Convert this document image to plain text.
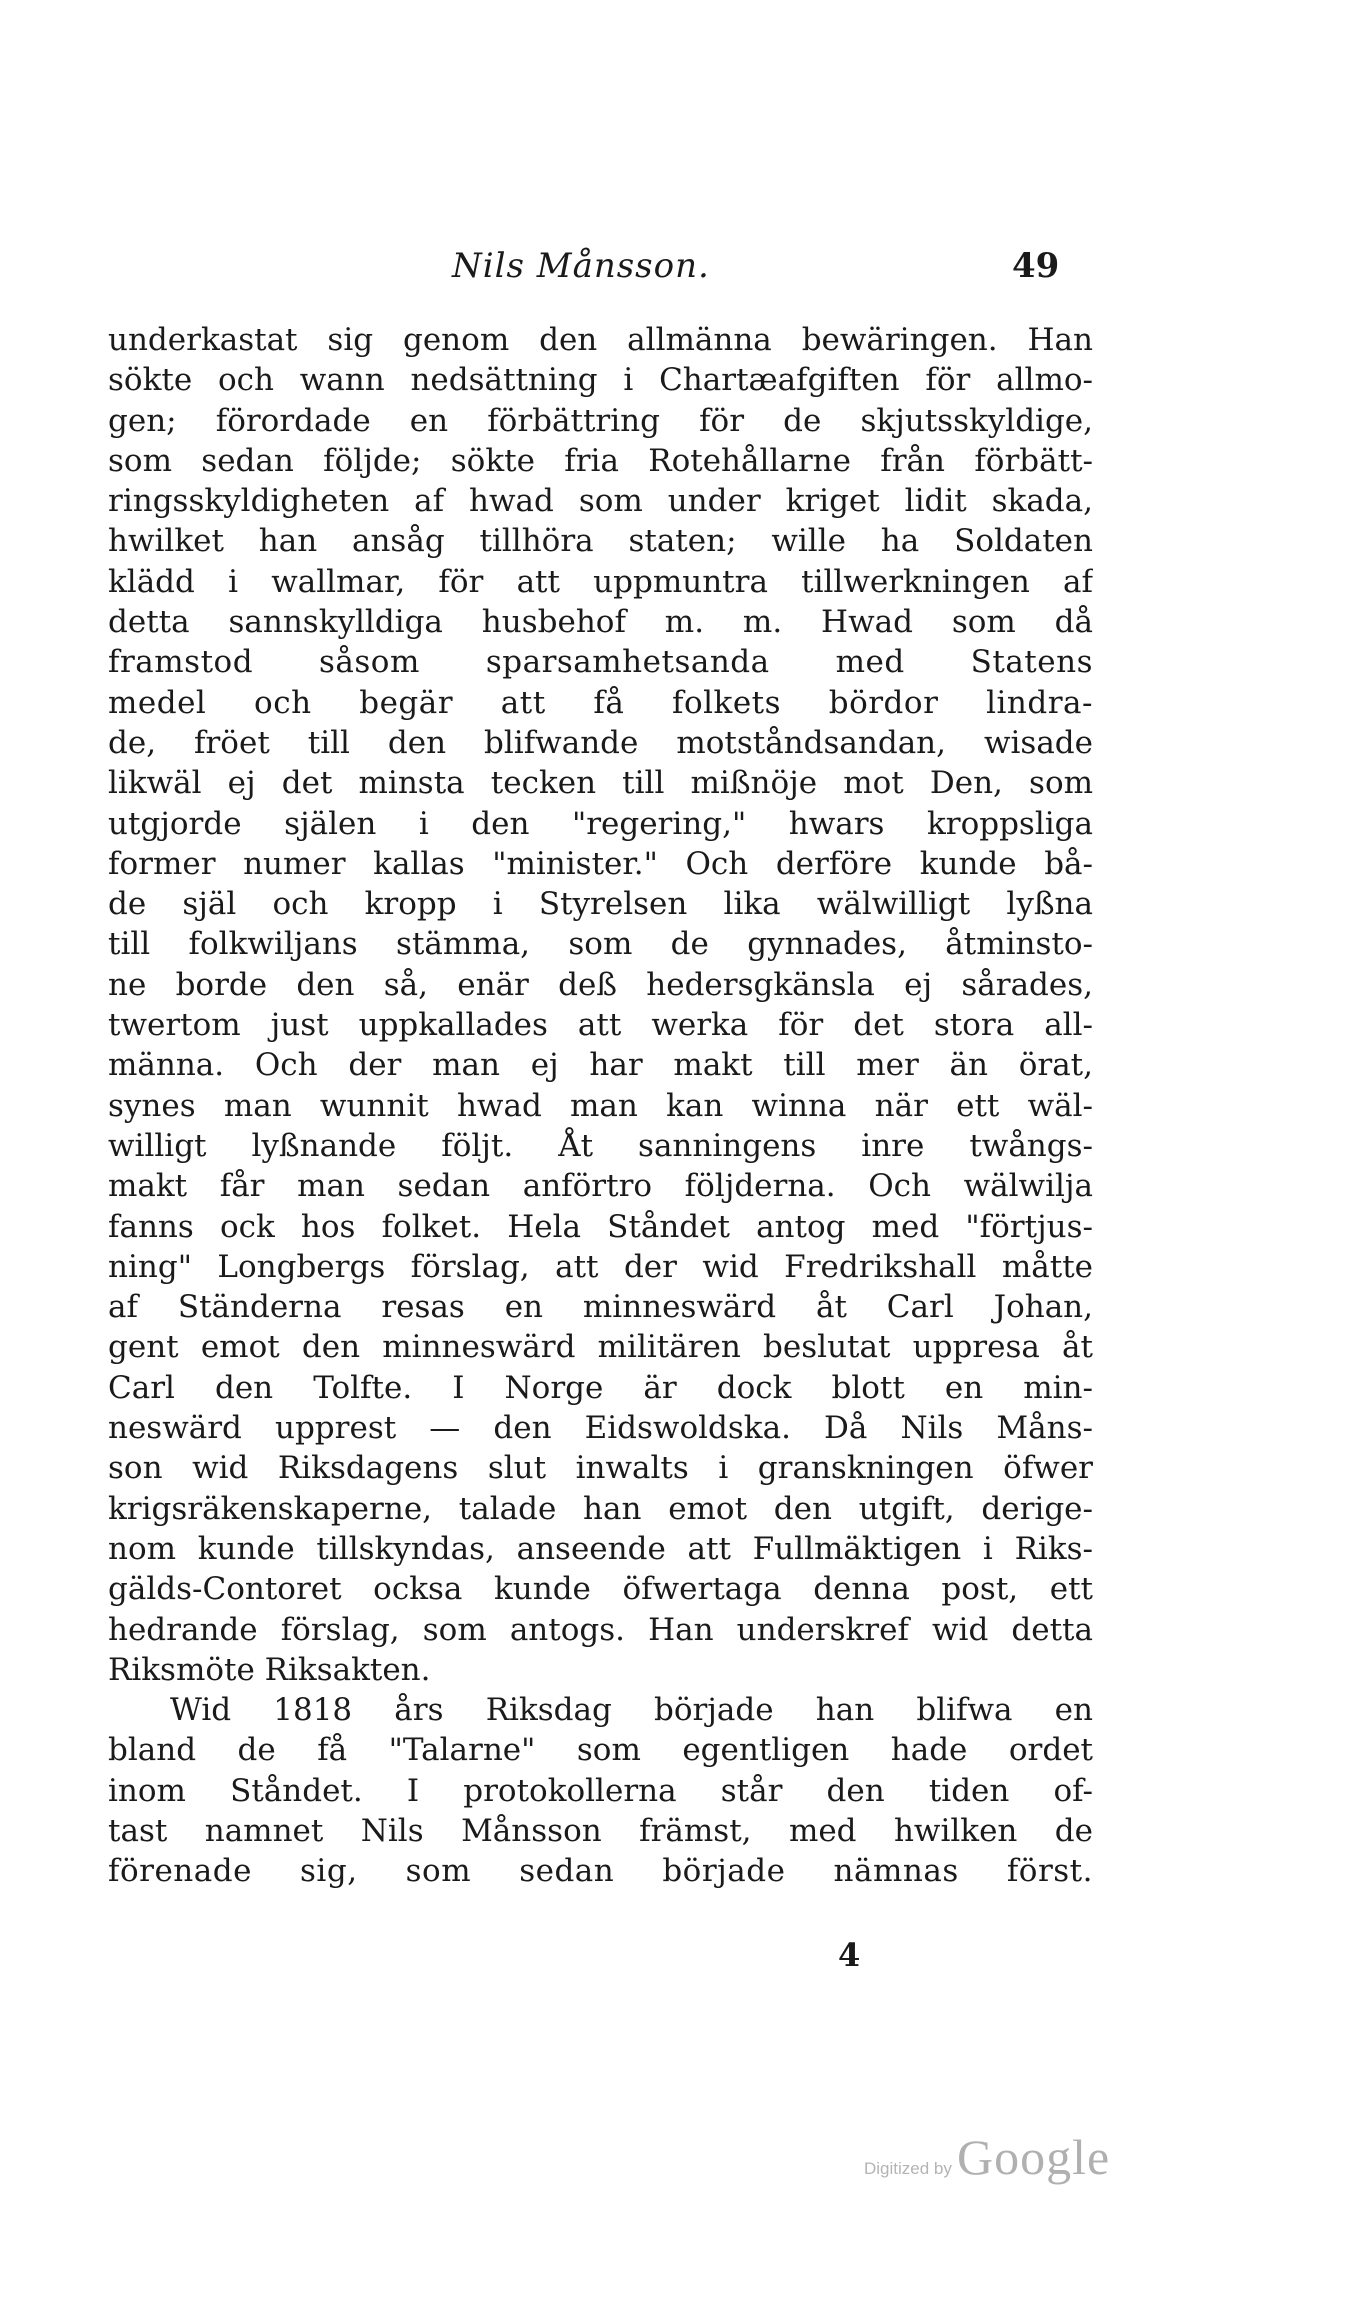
Nils Månsson.	49
underkastat sig genom den allmänna bewäringen. Han
sökte och wann nedsättning i Chartæafgiften för allmo-
gen; förordade en förbättring för de skjutsskyldige,
som sedan följde; sökte fria Rotehållarne från förbätt-
ringsskyldigheten af hwad som under kriget lidit skada,
hwilket han ansåg tillhöra staten; wille ha Soldaten
klädd i wallmar, för att uppmuntra tillwerkningen af
detta sannskylldiga husbehof m. m. Hwad som då
framstod såsom sparsamhetsanda med Statens
medel och begär att få folkets bördor lindra-
de, fröet till den blifwande motståndsandan, wisade
likwäl ej det minsta tecken till mißnöje mot Den, som
utgjorde själen i den "regering," hwars kroppsliga
former numer kallas "minister." Och derföre kunde bå-
de själ och kropp i Styrelsen lika wälwilligt lyßna
till folkwiljans stämma, som de gynnades, åtminsto-
ne borde den så, enär deß hedersgkänsla ej sårades,
twertom just uppkallades att werka för det stora all-
männa. Och der man ej har makt till mer än örat,
synes man wunnit hwad man kan winna när ett wäl-
willigt lyßnande följt. Åt sanningens inre twångs-
makt får man sedan anförtro följderna. Och wälwilja
fanns ock hos folket. Hela Ståndet antog med "förtjus-
ning" Longbergs förslag, att der wid Fredrikshall måtte
af Ständerna resas en minneswärd åt Carl Johan,
gent emot den minneswärd militären beslutat uppresa åt
Carl den Tolfte. I Norge är dock blott en min-
neswärd upprest — den Eidswoldska. Då Nils Måns-
son wid Riksdagens slut inwalts i granskningen öfwer
krigsräkenskaperne, talade han emot den utgift, derige-
nom kunde tillskyndas, anseende att Fullmäktigen i Riks-
gälds-Contoret ocksa kunde öfwertaga denna post, ett
hedrande förslag, som antogs. Han underskref wid detta
Riksmöte Riksakten.
Wid 1818 års Riksdag började han blifwa en
bland de få "Talarne" som egentligen hade ordet
inom Ståndet. I protokollerna står den tiden of-
tast namnet Nils Månsson främst, med hwilken de
förenade sig, som sedan började nämnas först.
4
Digitized by Google
